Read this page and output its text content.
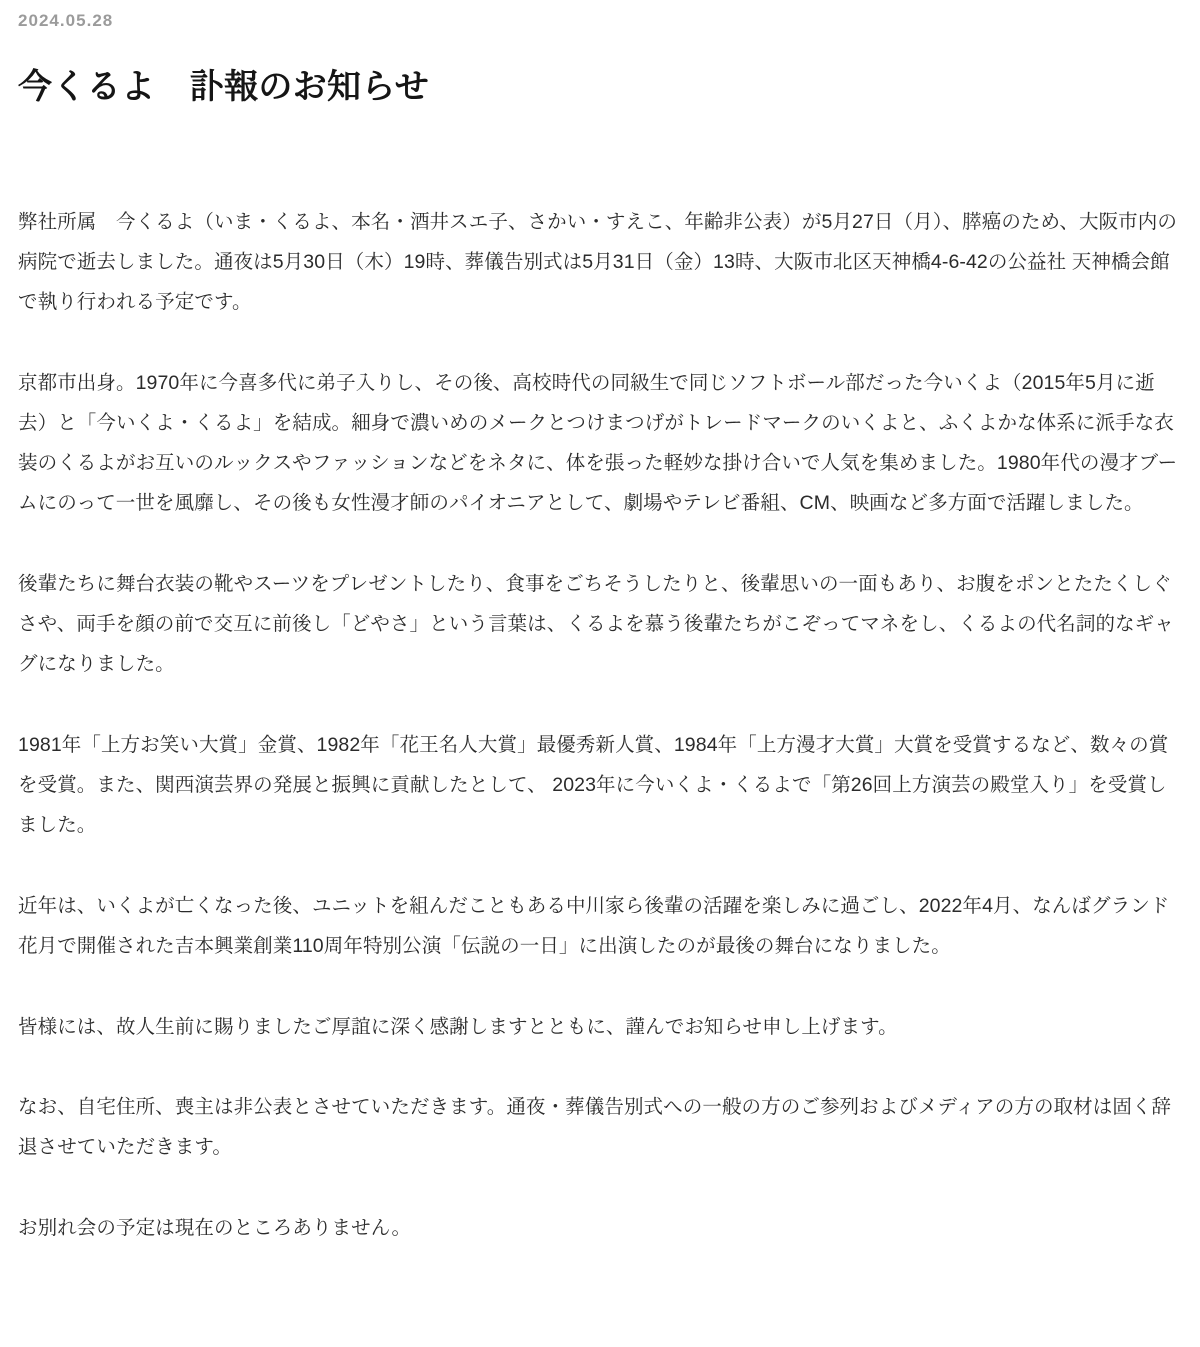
2024.05.28
今くるよ　訃報のお知らせ

弊社所属　今くるよ（いま・くるよ、本名・酒井スエ子、さかい・すえこ、年齢非公表）が5月27日（月）、膵癌のため、大阪市内の病院で逝去しました。通夜は5月30日（木）19時、葬儀告別式は5月31日（金）13時、大阪市北区天神橋4‐6‐42の公益社 天神橋会館で執り行われる予定です。

京都市出身。1970年に今喜多代に弟子入りし、その後、高校時代の同級生で同じソフトボール部だった今いくよ（2015年5月に逝去）と「今いくよ・くるよ」を結成。細身で濃いめのメークとつけまつげがトレードマークのいくよと、ふくよかな体系に派手な衣装のくるよがお互いのルックスやファッションなどをネタに、体を張った軽妙な掛け合いで人気を集めました。1980年代の漫才ブームにのって一世を風靡し、その後も女性漫才師のパイオニアとして、劇場やテレビ番組、CM、映画など多方面で活躍しました。

後輩たちに舞台衣装の靴やスーツをプレゼントしたり、食事をごちそうしたりと、後輩思いの一面もあり、お腹をポンとたたくしぐさや、両手を顔の前で交互に前後し「どやさ」という言葉は、くるよを慕う後輩たちがこぞってマネをし、くるよの代名詞的なギャグになりました。

1981年「上方お笑い大賞」金賞、1982年「花王名人大賞」最優秀新人賞、1984年「上方漫才大賞」大賞を受賞するなど、数々の賞を受賞。また、関西演芸界の発展と振興に貢献したとして、 2023年に今いくよ・くるよで「第26回上方演芸の殿堂入り」を受賞しました。

近年は、いくよが亡くなった後、ユニットを組んだこともある中川家ら後輩の活躍を楽しみに過ごし、2022年4月、なんばグランド花月で開催された吉本興業創業110周年特別公演「伝説の一日」に出演したのが最後の舞台になりました。

皆様には、故人生前に賜りましたご厚誼に深く感謝しますとともに、謹んでお知らせ申し上げます。

なお、自宅住所、喪主は非公表とさせていただきます。通夜・葬儀告別式への一般の方のご参列およびメディアの方の取材は固く辞退させていただきます。

お別れ会の予定は現在のところありません。
